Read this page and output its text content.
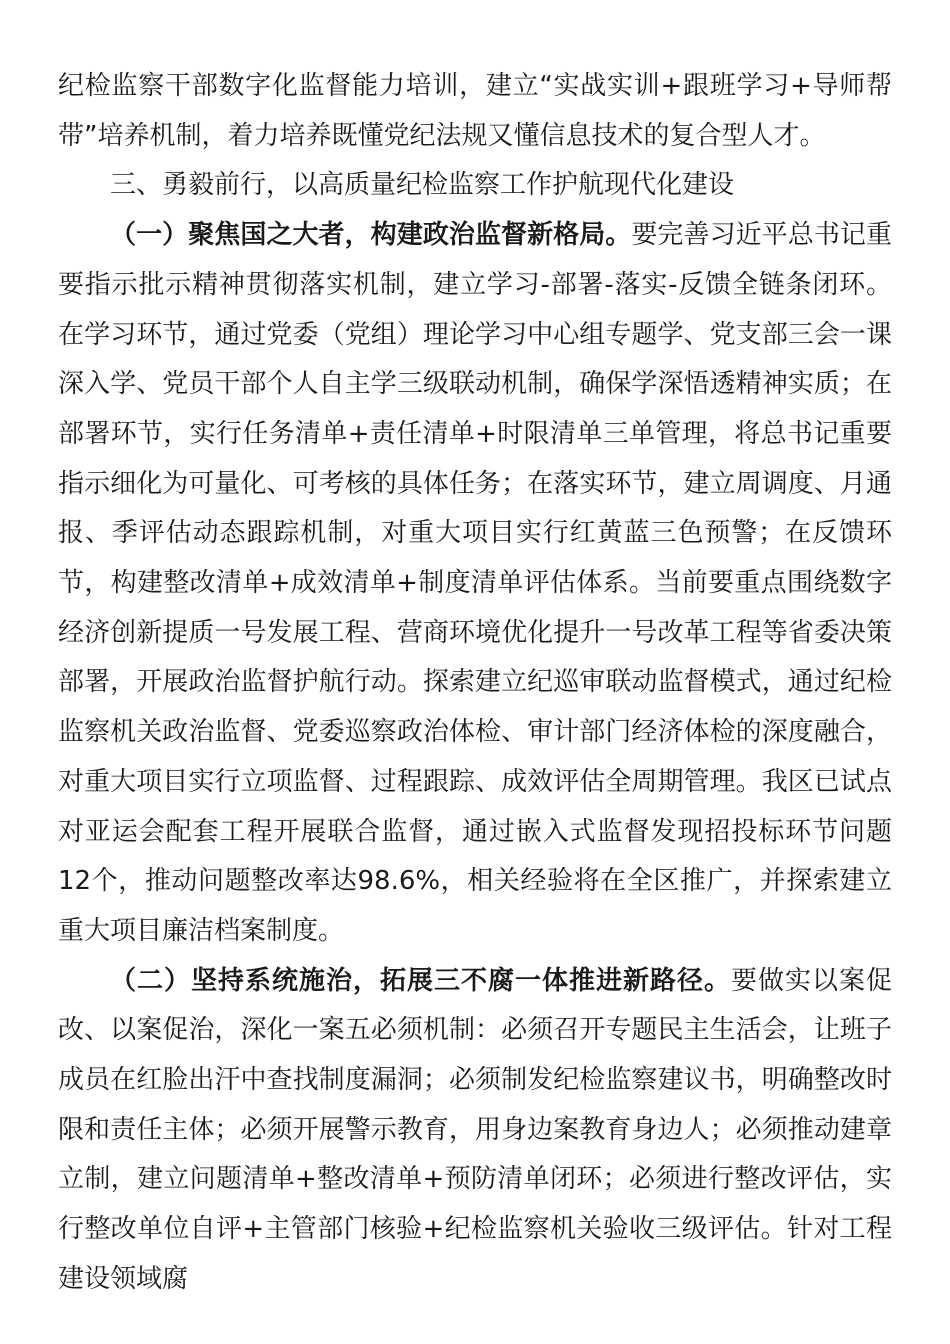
纪检监察干部数字化监督能力培训，建立“实战实训+跟班学习+导师帮带”培养机制，着力培养既懂党纪法规又懂信息技术的复合型人才。

三、勇毅前行，以高质量纪检监察工作护航现代化建设

（一）聚焦国之大者，构建政治监督新格局。要完善习近平总书记重要指示批示精神贯彻落实机制，建立学习-部署-落实-反馈全链条闭环。在学习环节，通过党委（党组）理论学习中心组专题学、党支部三会一课深入学、党员干部个人自主学三级联动机制，确保学深悟透精神实质；在部署环节，实行任务清单+责任清单+时限清单三单管理，将总书记重要指示细化为可量化、可考核的具体任务；在落实环节，建立周调度、月通报、季评估动态跟踪机制，对重大项目实行红黄蓝三色预警；在反馈环节，构建整改清单+成效清单+制度清单评估体系。当前要重点围绕数字经济创新提质一号发展工程、营商环境优化提升一号改革工程等省委决策部署，开展政治监督护航行动。探索建立纪巡审联动监督模式，通过纪检监察机关政治监督、党委巡察政治体检、审计部门经济体检的深度融合，对重大项目实行立项监督、过程跟踪、成效评估全周期管理。我区已试点对亚运会配套工程开展联合监督，通过嵌入式监督发现招投标环节问题12个，推动问题整改率达98.6%，相关经验将在全区推广，并探索建立重大项目廉洁档案制度。

（二）坚持系统施治，拓展三不腐一体推进新路径。要做实以案促改、以案促治，深化一案五必须机制：必须召开专题民主生活会，让班子成员在红脸出汗中查找制度漏洞；必须制发纪检监察建议书，明确整改时限和责任主体；必须开展警示教育，用身边案教育身边人；必须推动建章立制，建立问题清单+整改清单+预防清单闭环；必须进行整改评估，实行整改单位自评+主管部门核验+纪检监察机关验收三级评估。针对工程建设领域腐
